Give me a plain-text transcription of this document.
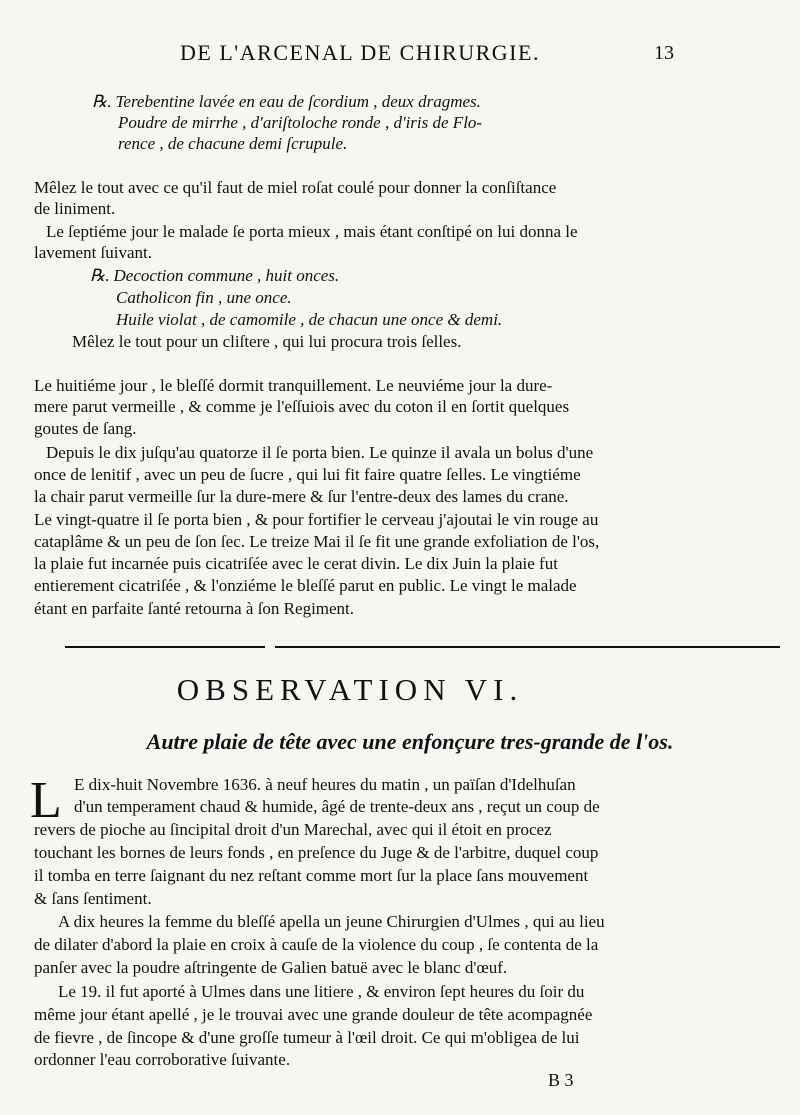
DE L'ARCENAL DE CHIRURGIE.	13
℞. Terebentine lavée en eau de ſcordium , deux dragmes.
Poudre de mirrhe , d'ariſtoloche ronde , d'iris de Flo-
rence , de chacune demi ſcrupule.
Mêlez le tout avec ce qu'il faut de miel roſat coulé pour donner la conſiſtance
de liniment.
Le ſeptiéme jour le malade ſe porta mieux , mais étant conſtipé on lui donna le
lavement ſuivant.
℞. Decoction commune , huit onces.
Catholicon fin , une once.
Huile violat , de camomile , de chacun une once & demi.
Mêlez le tout pour un cliſtere , qui lui procura trois ſelles.
Le huitiéme jour , le bleſſé dormit tranquillement. Le neuviéme jour la dure-
mere parut vermeille , & comme je l'eſſuiois avec du coton il en ſortit quelques
goutes de ſang.
Depuis le dix juſqu'au quatorze il ſe porta bien. Le quinze il avala un bolus d'une
once de lenitif , avec un peu de ſucre , qui lui fit faire quatre ſelles. Le vingtiéme
la chair parut vermeille ſur la dure-mere & ſur l'entre-deux des lames du crane.
Le vingt-quatre il ſe porta bien , & pour fortifier le cerveau j'ajoutai le vin rouge au
cataplâme & un peu de ſon ſec. Le treize Mai il ſe fit une grande exfoliation de l'os,
la plaie fut incarnée puis cicatriſée avec le cerat divin. Le dix Juin la plaie fut
entierement cicatriſée , & l'onziéme le bleſſé parut en public. Le vingt le malade
étant en parfaite ſanté retourna à ſon Regiment.
OBSERVATION VI.
Autre plaie de tête avec une enfonçure tres-grande de l'os.
L E dix-huit Novembre 1636. à neuf heures du matin , un païſan d'Idelhuſan
d'un temperament chaud & humide, âgé de trente-deux ans , reçut un coup de
revers de pioche au ſincipital droit d'un Marechal, avec qui il étoit en procez
touchant les bornes de leurs fonds , en preſence du Juge & de l'arbitre, duquel coup
il tomba en terre ſaignant du nez reſtant comme mort ſur la place ſans mouvement
& ſans ſentiment.
A dix heures la femme du bleſſé apella un jeune Chirurgien d'Ulmes , qui au lieu
de dilater d'abord la plaie en croix à cauſe de la violence du coup , ſe contenta de la
panſer avec la poudre aſtringente de Galien batuë avec le blanc d'œuf.
Le 19. il fut aporté à Ulmes dans une litiere , & environ ſept heures du ſoir du
même jour étant apellé , je le trouvai avec une grande douleur de tête acompagnée
de fievre , de ſincope & d'une groſſe tumeur à l'œil droit. Ce qui m'obligea de lui
ordonner l'eau corroborative ſuivante.
B 3
